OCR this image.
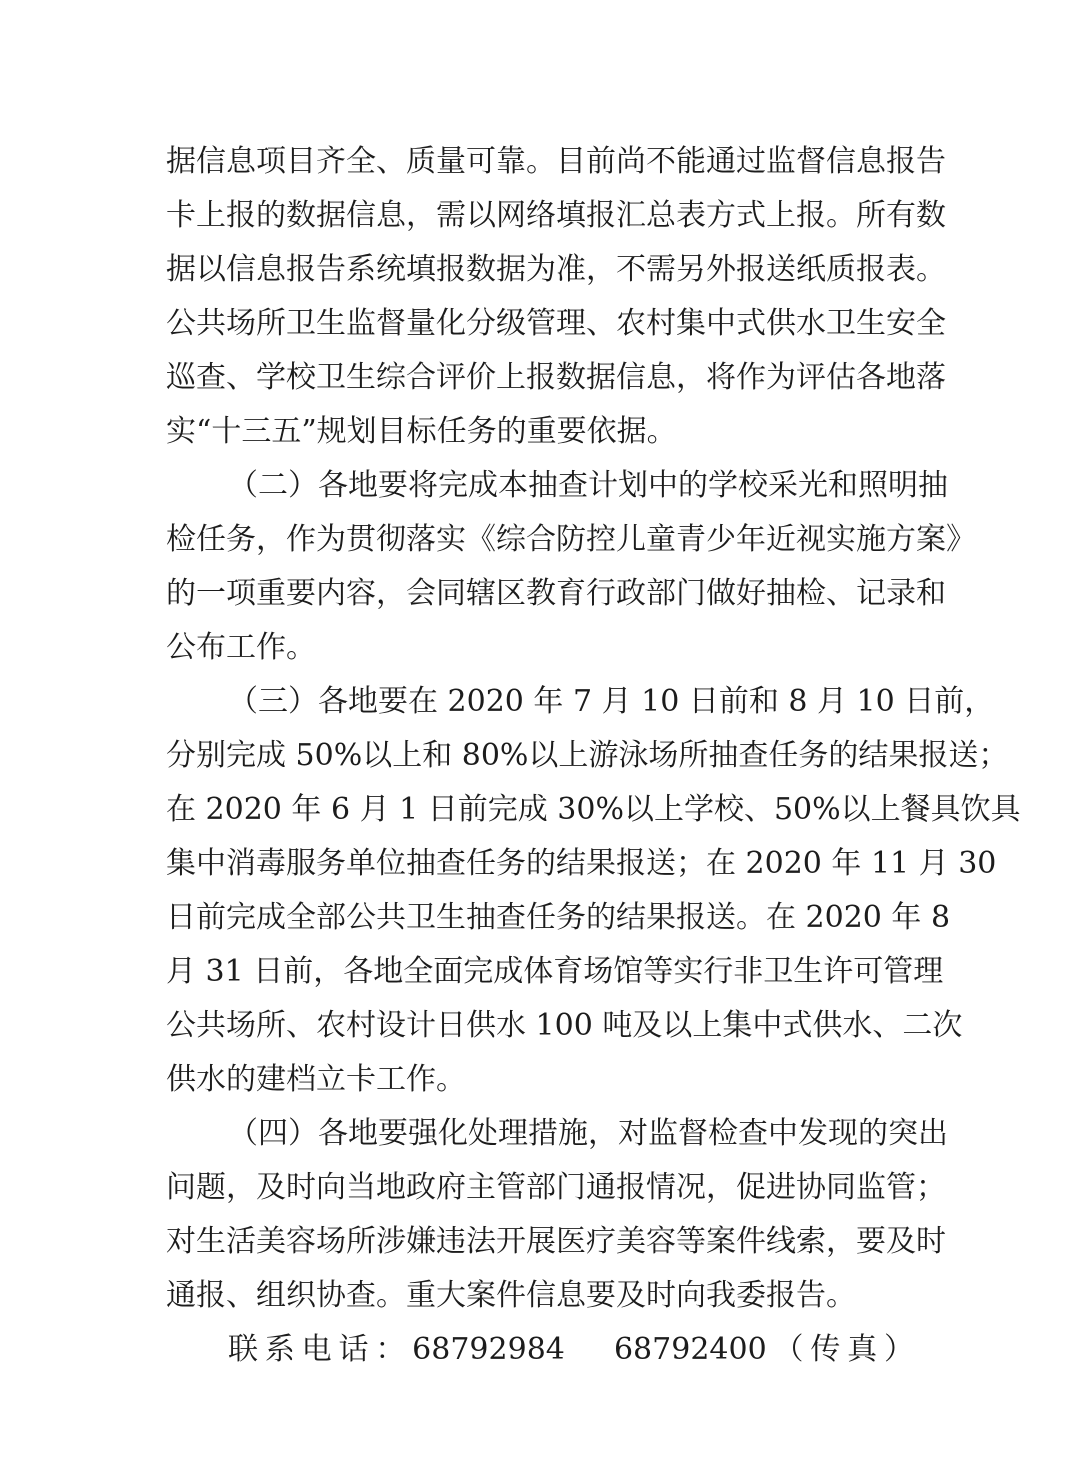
据信息项目齐全、质量可靠。目前尚不能通过监督信息报告
卡上报的数据信息，需以网络填报汇总表方式上报。所有数
据以信息报告系统填报数据为准，不需另外报送纸质报表。
公共场所卫生监督量化分级管理、农村集中式供水卫生安全
巡查、学校卫生综合评价上报数据信息，将作为评估各地落
实“十三五”规划目标任务的重要依据。
（二）各地要将完成本抽查计划中的学校采光和照明抽
检任务，作为贯彻落实《综合防控儿童青少年近视实施方案》
的一项重要内容，会同辖区教育行政部门做好抽检、记录和
公布工作。
（三）各地要在 2020 年 7 月 10 日前和 8 月 10 日前，
分别完成 50%以上和 80%以上游泳场所抽查任务的结果报送；
在 2020 年 6 月 1 日前完成 30%以上学校、50%以上餐具饮具
集中消毒服务单位抽查任务的结果报送；在 2020 年 11 月 30
日前完成全部公共卫生抽查任务的结果报送。在 2020 年 8
月 31 日前，各地全面完成体育场馆等实行非卫生许可管理
公共场所、农村设计日供水 100 吨及以上集中式供水、二次
供水的建档立卡工作。
（四）各地要强化处理措施，对监督检查中发现的突出
问题，及时向当地政府主管部门通报情况，促进协同监管；
对生活美容场所涉嫌违法开展医疗美容等案件线索，要及时
通报、组织协查。重大案件信息要及时向我委报告。
联系电话：68792984   68792400（传真）
